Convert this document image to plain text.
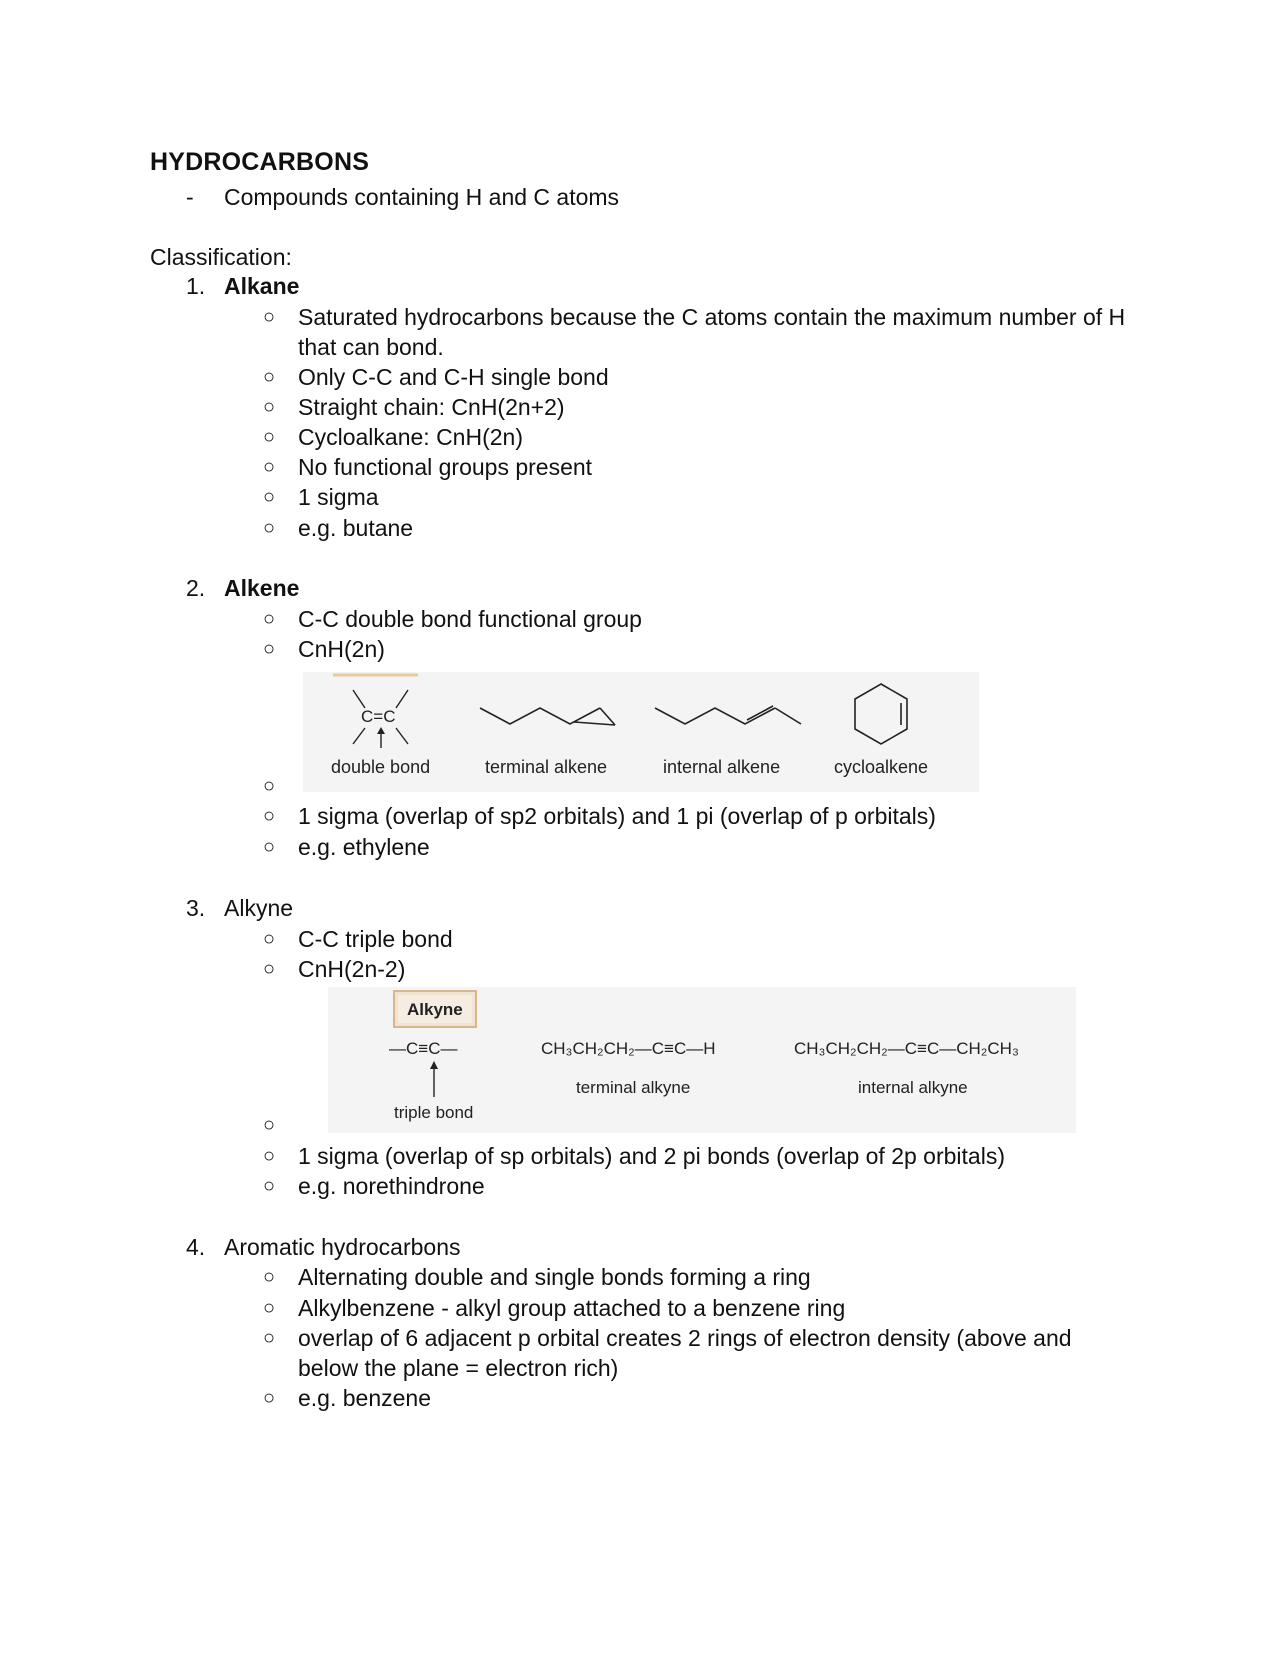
HYDROCARBONS
- Compounds containing H and C atoms
Classification:
1. Alkane
○ Saturated hydrocarbons because the C atoms contain the maximum number of H
that can bond.
○ Only C-C and C-H single bond
○ Straight chain: CnH(2n+2)
○ Cycloalkane: CnH(2n)
○ No functional groups present
○ 1 sigma
○ e.g. butane
2. Alkene
○ C-C double bond functional group
○ CnH(2n)
C=C
double bond	terminal alkene	internal alkene	cycloalkene
○
○ 1 sigma (overlap of sp2 orbitals) and 1 pi (overlap of p orbitals)
○ e.g. ethylene
3. Alkyne
○ C-C triple bond
○ CnH(2n-2)
Alkyne
—C≡C—
triple bond
CH₃CH₂CH₂—C≡C—H
terminal alkyne
CH₃CH₂CH₂—C≡C—CH₂CH₃
internal alkyne
○
○ 1 sigma (overlap of sp orbitals) and 2 pi bonds (overlap of 2p orbitals)
○ e.g. norethindrone
4. Aromatic hydrocarbons
○ Alternating double and single bonds forming a ring
○ Alkylbenzene - alkyl group attached to a benzene ring
○ overlap of 6 adjacent p orbital creates 2 rings of electron density (above and
below the plane = electron rich)
○ e.g. benzene
